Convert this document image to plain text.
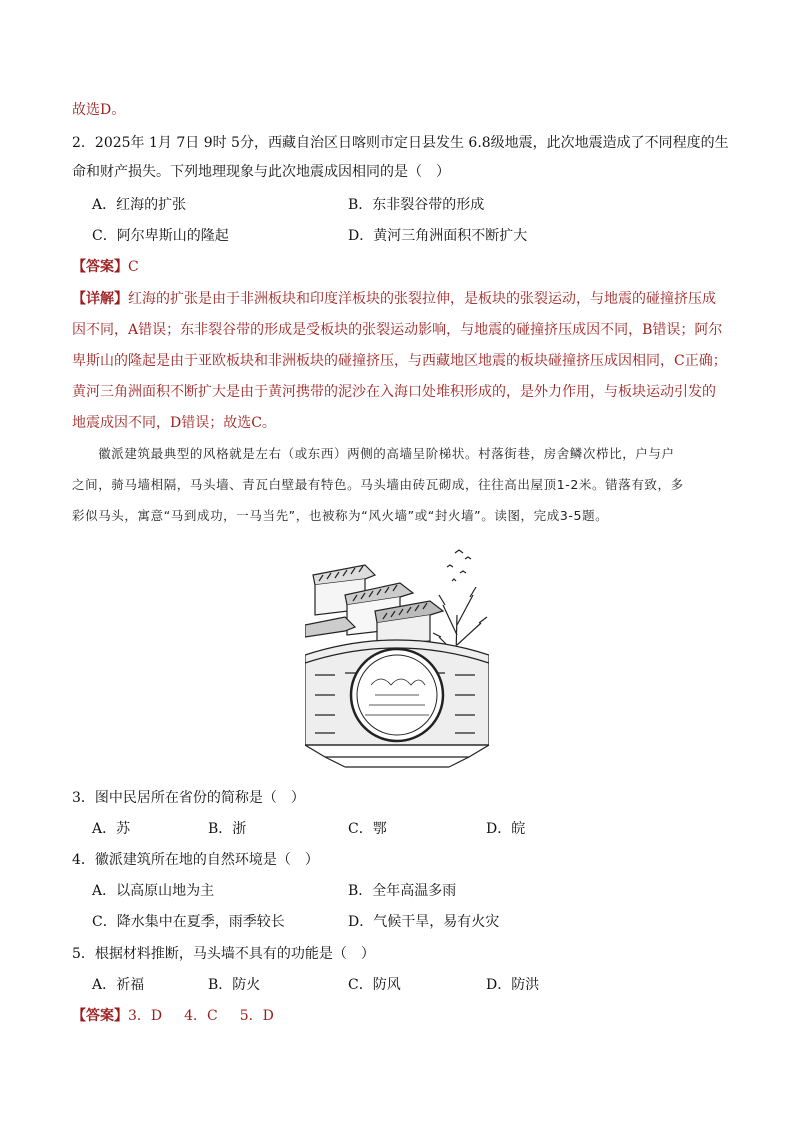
故选D。
2．2025年 1月 7日 9时 5分，西藏自治区日喀则市定日县发生 6.8级地震，此次地震造成了不同程度的生
命和财产损失。下列地理现象与此次地震成因相同的是（　）
A．红海的扩张	B．东非裂谷带的形成
C．阿尔卑斯山的隆起	D．黄河三角洲面积不断扩大
【答案】C
【详解】红海的扩张是由于非洲板块和印度洋板块的张裂拉伸，是板块的张裂运动，与地震的碰撞挤压成
因不同，A错误；东非裂谷带的形成是受板块的张裂运动影响，与地震的碰撞挤压成因不同，B错误；阿尔
卑斯山的隆起是由于亚欧板块和非洲板块的碰撞挤压，与西藏地区地震的板块碰撞挤压成因相同，C正确；
黄河三角洲面积不断扩大是由于黄河携带的泥沙在入海口处堆积形成的，是外力作用，与板块运动引发的
地震成因不同，D错误；故选C。
　　徽派建筑最典型的风格就是左右（或东西）两侧的高墙呈阶梯状。村落街巷，房舍鳞次栉比，户与户
之间，骑马墙相隔，马头墙、青瓦白壁最有特色。马头墙由砖瓦砌成，往往高出屋顶1-2米。错落有致，多
彩似马头，寓意“马到成功，一马当先”，也被称为“风火墙”或“封火墙”。读图，完成3-5题。
3．图中民居所在省份的简称是（　）
A．苏	B．浙	C．鄂	D．皖
4．徽派建筑所在地的自然环境是（　）
A．以高原山地为主	B．全年高温多雨
C．降水集中在夏季，雨季较长	D．气候干旱，易有火灾
5．根据材料推断，马头墙不具有的功能是（　）
A．祈福	B．防火	C．防风	D．防洪
【答案】3．D 4．C 5．D
